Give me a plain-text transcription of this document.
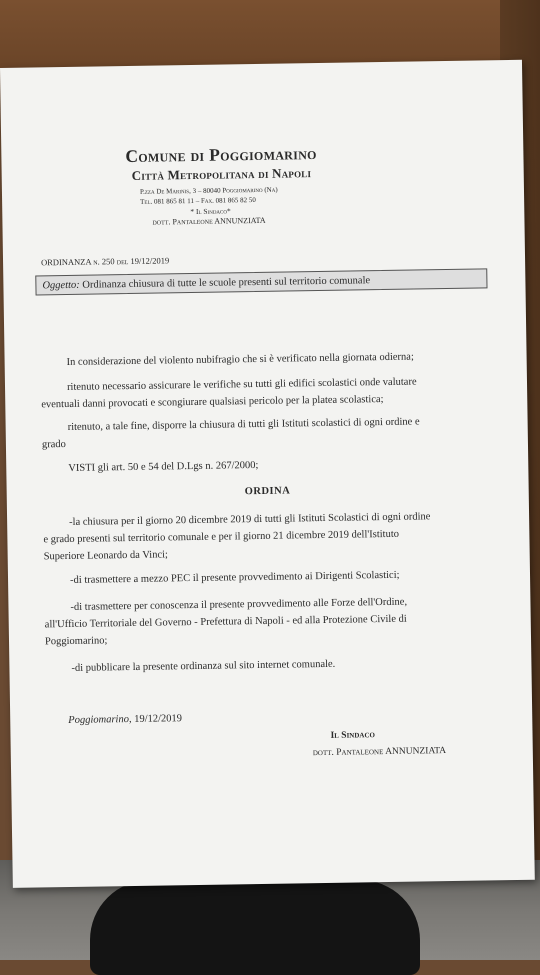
Comune di Poggiomarino
Città Metropolitana di Napoli
P.zza De Marinis, 3 – 80040 Poggiomarino (Na)
Tel. 081 865 81 11 – Fax. 081 865 82 50
* Il Sindaco*
dott. Pantaleone ANNUNZIATA
ORDINANZA n. 250 del 19/12/2019
Oggetto: Ordinanza chiusura di tutte le scuole presenti sul territorio comunale
In considerazione del violento nubifragio che si è verificato nella giornata odierna;
ritenuto necessario assicurare le verifiche su tutti gli edifici scolastici onde valutare
eventuali danni provocati e scongiurare qualsiasi pericolo per la platea scolastica;
ritenuto, a tale fine, disporre la chiusura di tutti gli Istituti scolastici di ogni ordine e
grado
VISTI gli art. 50 e 54 del D.Lgs n. 267/2000;
ORDINA
-la chiusura per il giorno 20 dicembre 2019 di tutti gli Istituti Scolastici di ogni ordine
e grado presenti sul territorio comunale e per il giorno 21 dicembre 2019 dell'Istituto
Superiore Leonardo da Vinci;
-di trasmettere a mezzo PEC il presente provvedimento ai Dirigenti Scolastici;
-di trasmettere per conoscenza il presente provvedimento alle Forze dell'Ordine,
all'Ufficio Territoriale del Governo - Prefettura di Napoli - ed alla Protezione Civile di
Poggiomarino;
-di pubblicare la presente ordinanza sul sito internet comunale.
Poggiomarino, 19/12/2019
Il Sindaco
dott. Pantaleone ANNUNZIATA
